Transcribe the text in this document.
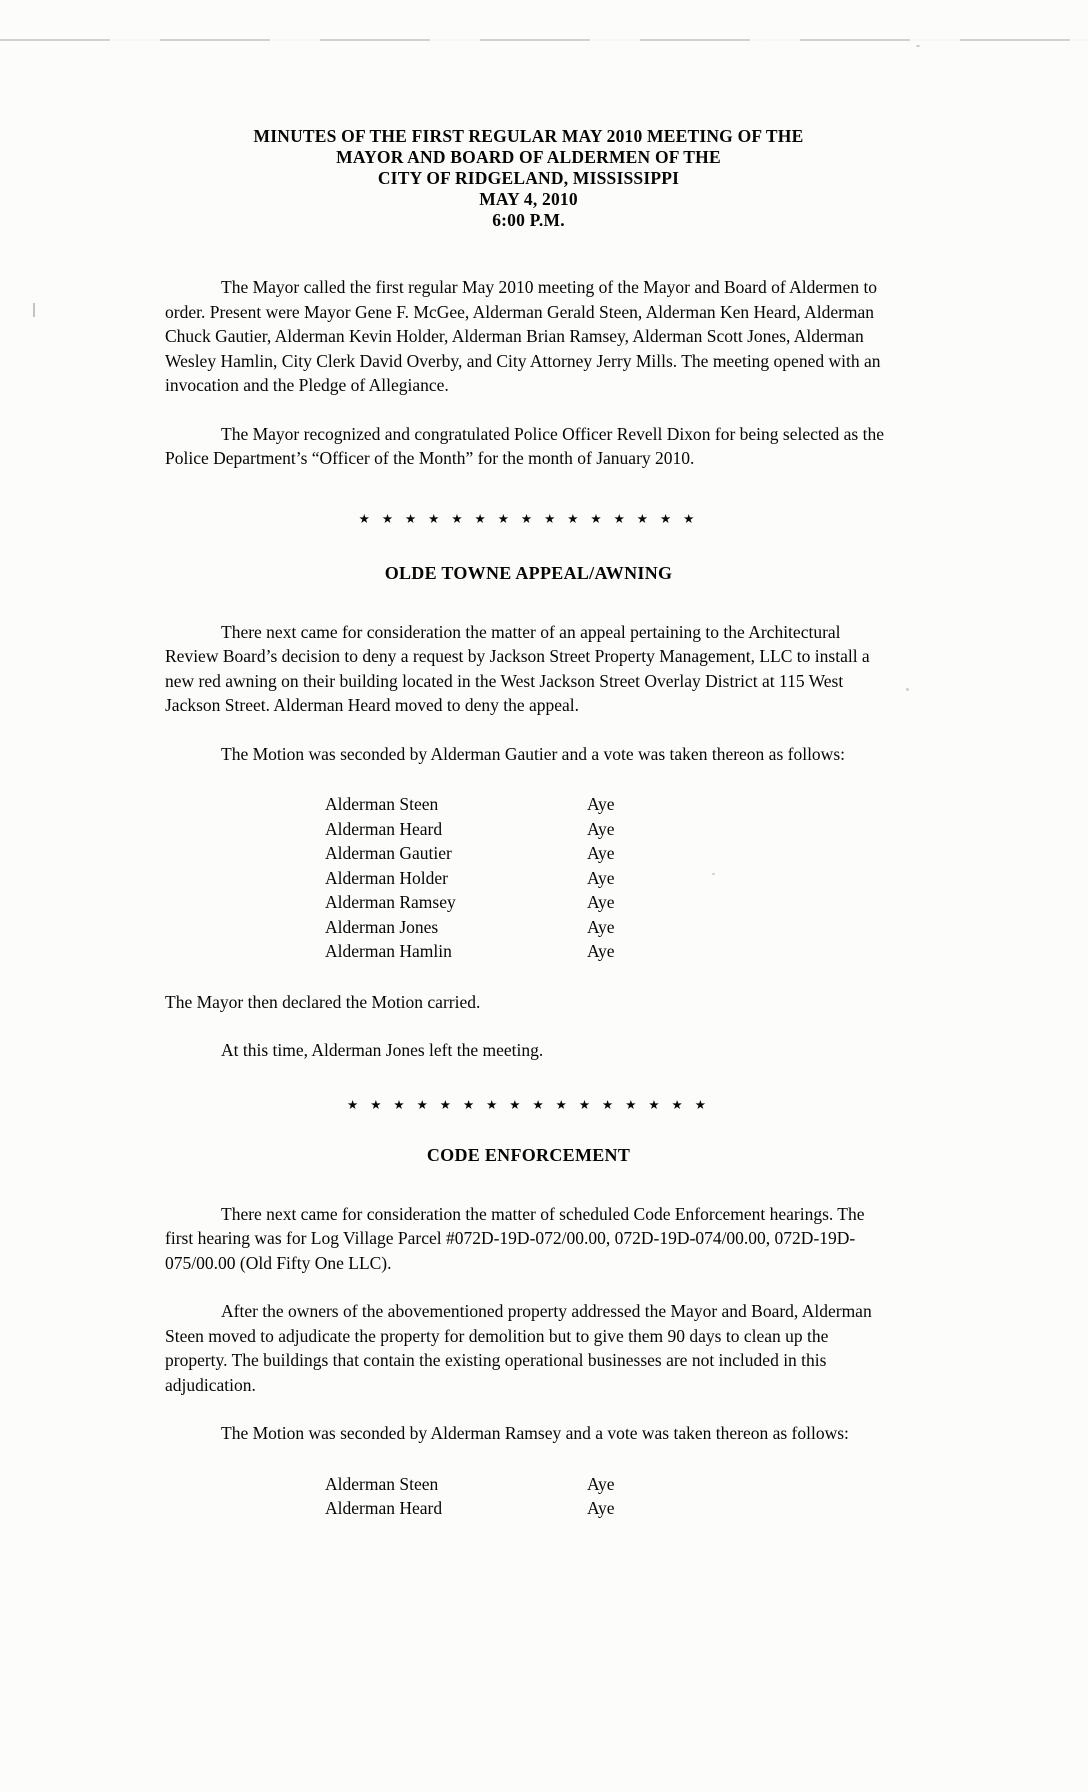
MINUTES OF THE FIRST REGULAR MAY 2010 MEETING OF THE
MAYOR AND BOARD OF ALDERMEN OF THE
CITY OF RIDGELAND, MISSISSIPPI
MAY 4, 2010
6:00 P.M.

The Mayor called the first regular May 2010 meeting of the Mayor and Board of Aldermen to order. Present were Mayor Gene F. McGee, Alderman Gerald Steen, Alderman Ken Heard, Alderman Chuck Gautier, Alderman Kevin Holder, Alderman Brian Ramsey, Alderman Scott Jones, Alderman Wesley Hamlin, City Clerk David Overby, and City Attorney Jerry Mills. The meeting opened with an invocation and the Pledge of Allegiance.

The Mayor recognized and congratulated Police Officer Revell Dixon for being selected as the Police Department’s “Officer of the Month” for the month of January 2010.

★ ★ ★ ★ ★ ★ ★ ★ ★ ★ ★ ★ ★ ★ ★
OLDE TOWNE APPEAL/AWNING

There next came for consideration the matter of an appeal pertaining to the Architectural Review Board’s decision to deny a request by Jackson Street Property Management, LLC to install a new red awning on their building located in the West Jackson Street Overlay District at 115 West Jackson Street. Alderman Heard moved to deny the appeal.

The Motion was seconded by Alderman Gautier and a vote was taken thereon as follows:

Alderman Steen	Aye
Alderman Heard	Aye
Alderman Gautier	Aye
Alderman Holder	Aye
Alderman Ramsey	Aye
Alderman Jones	Aye
Alderman Hamlin	Aye

The Mayor then declared the Motion carried.

At this time, Alderman Jones left the meeting.

★ ★ ★ ★ ★ ★ ★ ★ ★ ★ ★ ★ ★ ★ ★ ★
CODE ENFORCEMENT

There next came for consideration the matter of scheduled Code Enforcement hearings. The first hearing was for Log Village Parcel #072D-19D-072/00.00, 072D-19D-074/00.00, 072D-19D-075/00.00 (Old Fifty One LLC).

After the owners of the abovementioned property addressed the Mayor and Board, Alderman Steen moved to adjudicate the property for demolition but to give them 90 days to clean up the property. The buildings that contain the existing operational businesses are not included in this adjudication.

The Motion was seconded by Alderman Ramsey and a vote was taken thereon as follows:

Alderman Steen	Aye
Alderman Heard	Aye
